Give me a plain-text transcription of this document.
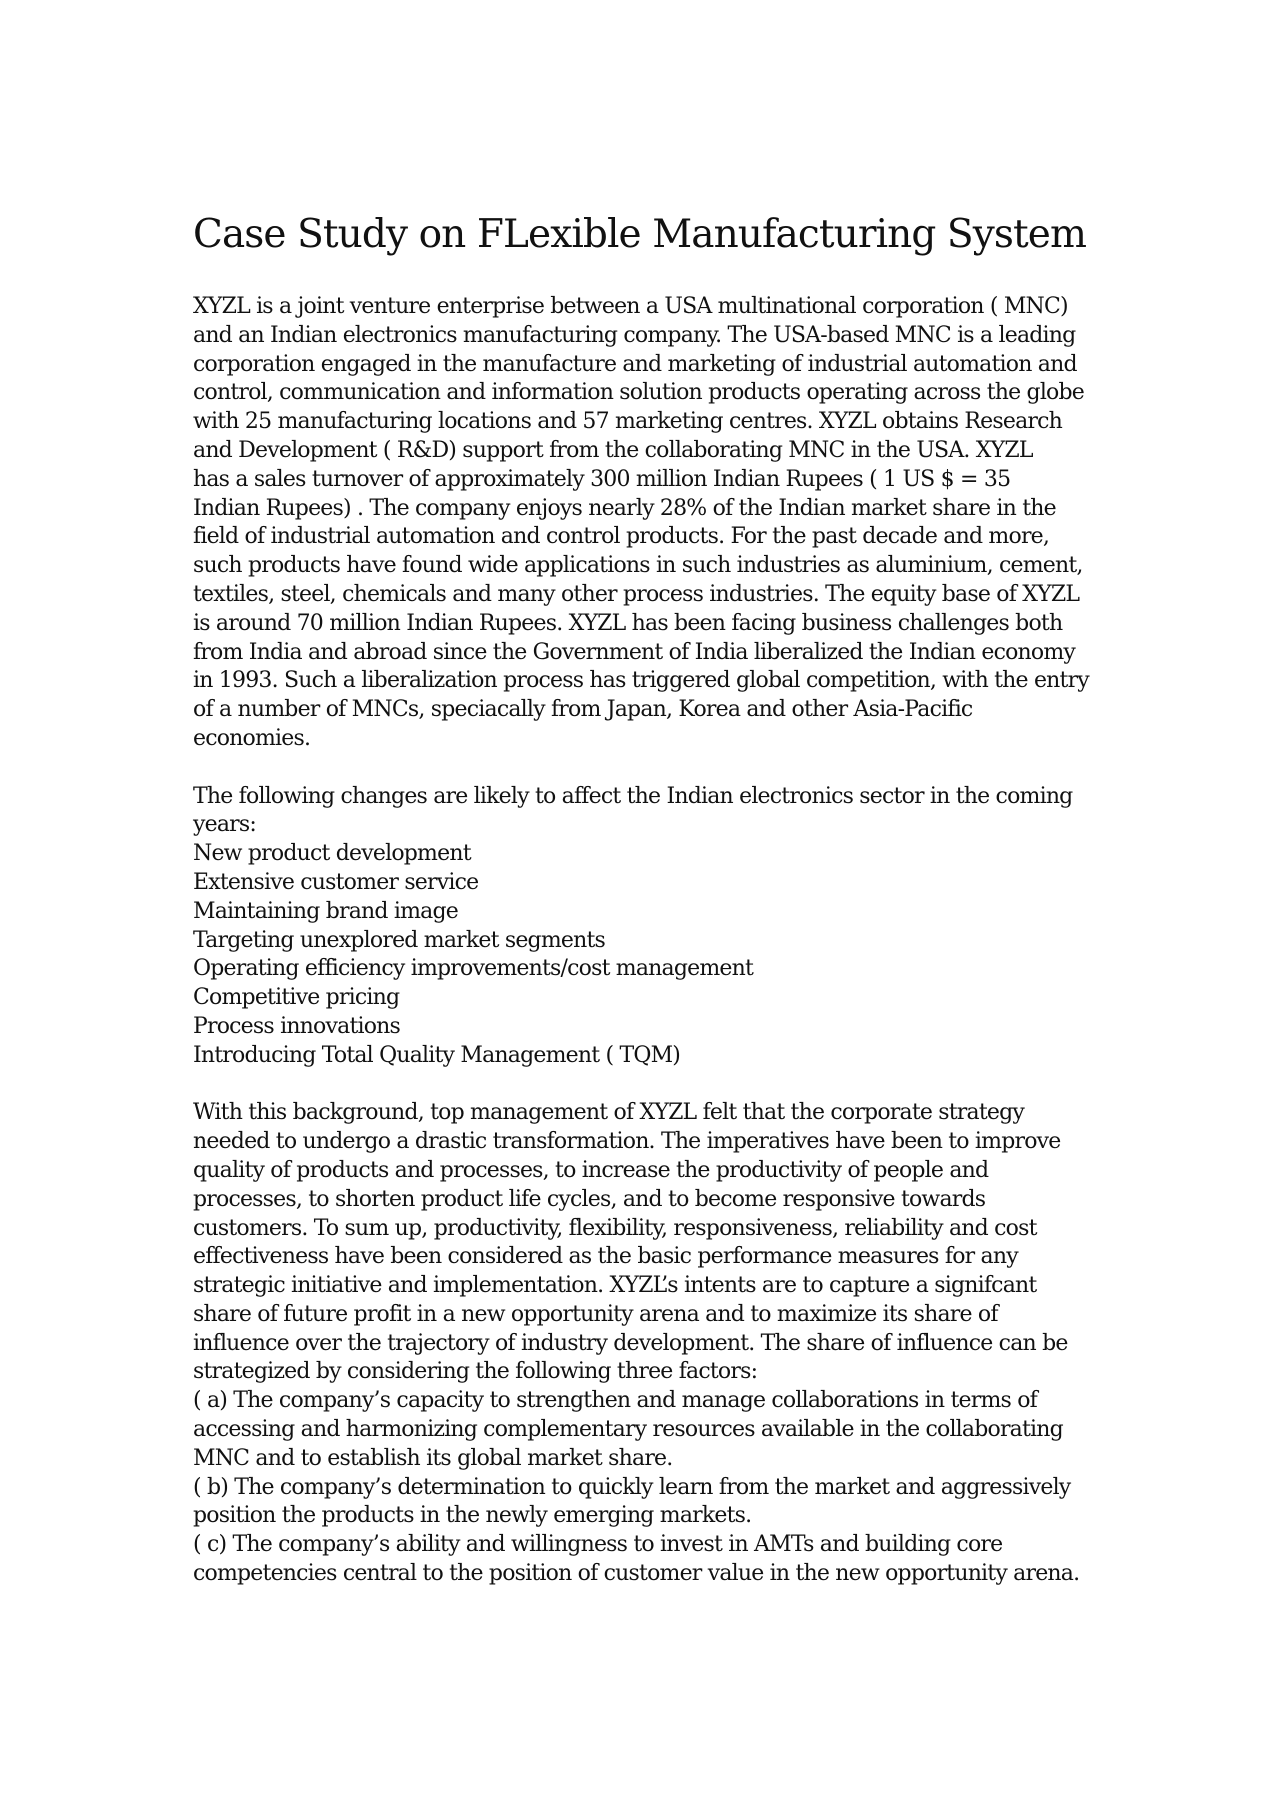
Case Study on FLexible Manufacturing System

XYZL is a joint venture enterprise between a USA multinational corporation ( MNC)
and an Indian electronics manufacturing company. The USA-based MNC is a leading
corporation engaged in the manufacture and marketing of industrial automation and
control, communication and information solution products operating across the globe
with 25 manufacturing locations and 57 marketing centres. XYZL obtains Research
and Development ( R&D) support from the collaborating MNC in the USA. XYZL
has a sales turnover of approximately 300 million Indian Rupees ( 1 US $ = 35
Indian Rupees) . The company enjoys nearly 28% of the Indian market share in the
field of industrial automation and control products. For the past decade and more,
such products have found wide applications in such industries as aluminium, cement,
textiles, steel, chemicals and many other process industries. The equity base of XYZL
is around 70 million Indian Rupees. XYZL has been facing business challenges both
from India and abroad since the Government of India liberalized the Indian economy
in 1993. Such a liberalization process has triggered global competition, with the entry
of a number of MNCs, speciacally from Japan, Korea and other Asia-Pacific
economies.

The following changes are likely to affect the Indian electronics sector in the coming
years:

New product development
Extensive customer service
Maintaining brand image
Targeting unexplored market segments
Operating efficiency improvements/cost management
Competitive pricing
Process innovations
Introducing Total Quality Management ( TQM)

With this background, top management of XYZL felt that the corporate strategy
needed to undergo a drastic transformation. The imperatives have been to improve
quality of products and processes, to increase the productivity of people and
processes, to shorten product life cycles, and to become responsive towards
customers. To sum up, productivity, flexibility, responsiveness, reliability and cost
effectiveness have been considered as the basic performance measures for any
strategic initiative and implementation. XYZL’s intents are to capture a signifcant
share of future profit in a new opportunity arena and to maximize its share of
influence over the trajectory of industry development. The share of influence can be
strategized by considering the following three factors:
( a) The company’s capacity to strengthen and manage collaborations in terms of
accessing and harmonizing complementary resources available in the collaborating
MNC and to establish its global market share.
( b) The company’s determination to quickly learn from the market and aggressively
position the products in the newly emerging markets.
( c) The company’s ability and willingness to invest in AMTs and building core
competencies central to the position of customer value in the new opportunity arena.
